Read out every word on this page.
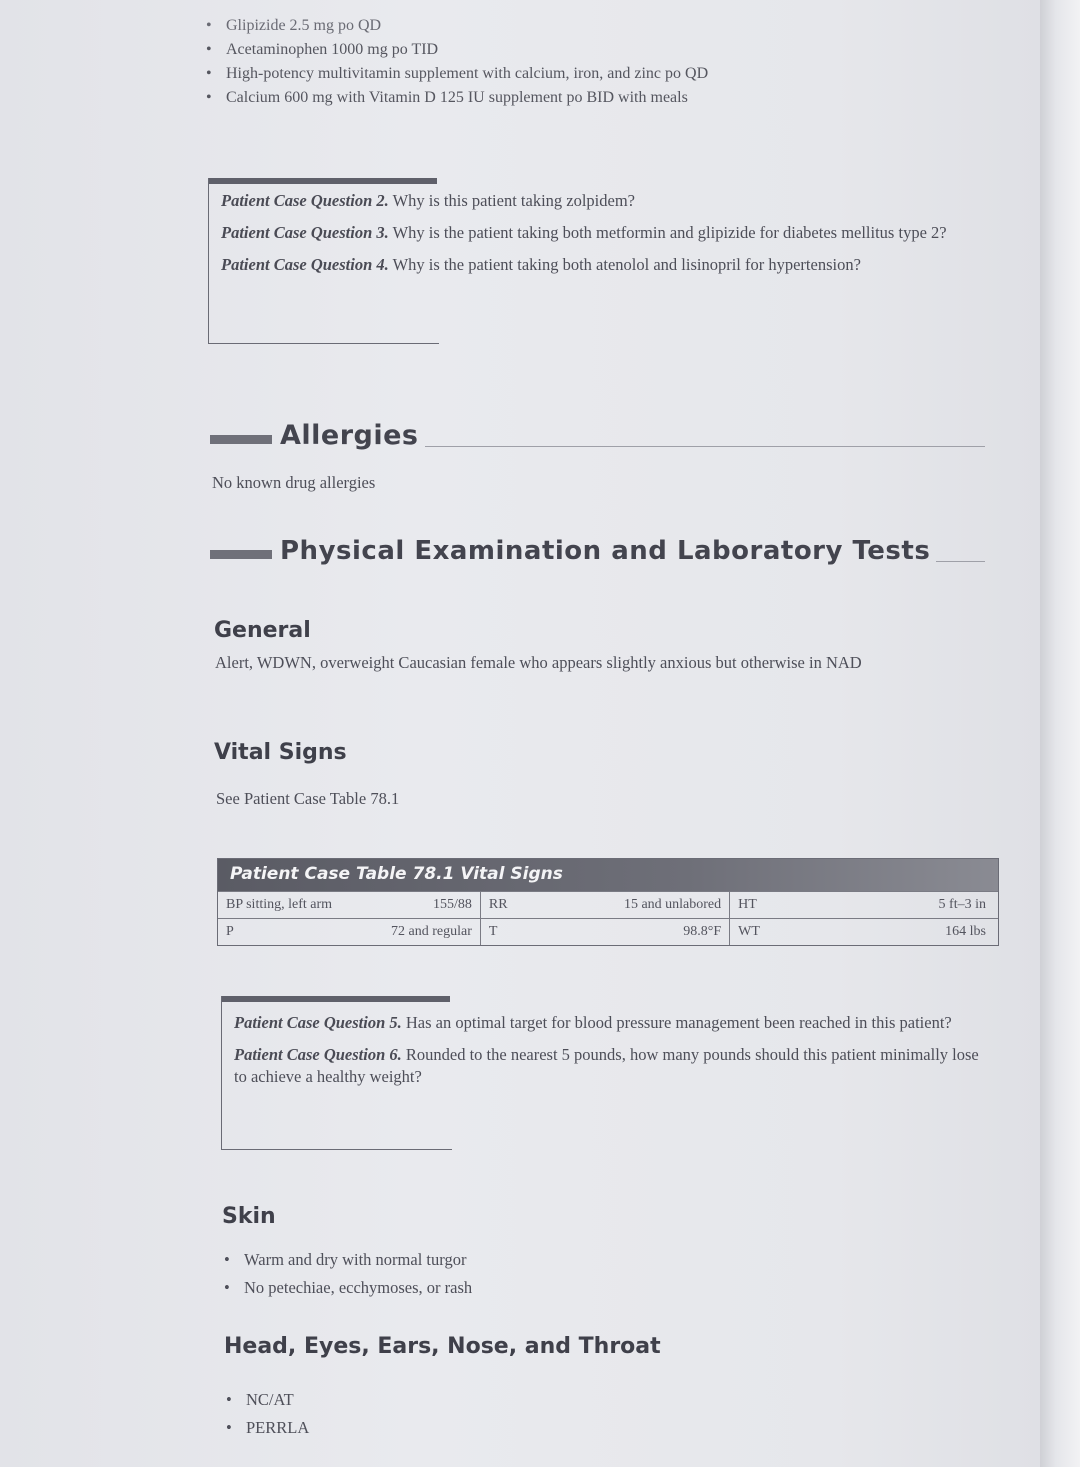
• Glipizide 2.5 mg po QD
• Acetaminophen 1000 mg po TID
• High-potency multivitamin supplement with calcium, iron, and zinc po QD
• Calcium 600 mg with Vitamin D 125 IU supplement po BID with meals

Patient Case Question 2. Why is this patient taking zolpidem?

Patient Case Question 3. Why is the patient taking both metformin and glipizide for diabetes mellitus type 2?

Patient Case Question 4. Why is the patient taking both atenolol and lisinopril for hypertension?

Allergies
No known drug allergies
Physical Examination and Laboratory Tests
General
Alert, WDWN, overweight Caucasian female who appears slightly anxious but otherwise in NAD
Vital Signs
See Patient Case Table 78.1
Patient Case Table 78.1 Vital Signs
BP sitting, left arm	155/88 RR	15 and unlabored HT	5 ft–3 in
P	72 and regular T	98.8°F WT	164 lbs

Patient Case Question 5. Has an optimal target for blood pressure management been reached in this patient?

Patient Case Question 6. Rounded to the nearest 5 pounds, how many pounds should this patient minimally lose to achieve a healthy weight?

Skin
• Warm and dry with normal turgor
• No petechiae, ecchymoses, or rash
Head, Eyes, Ears, Nose, and Throat
• NC/AT
• PERRLA
